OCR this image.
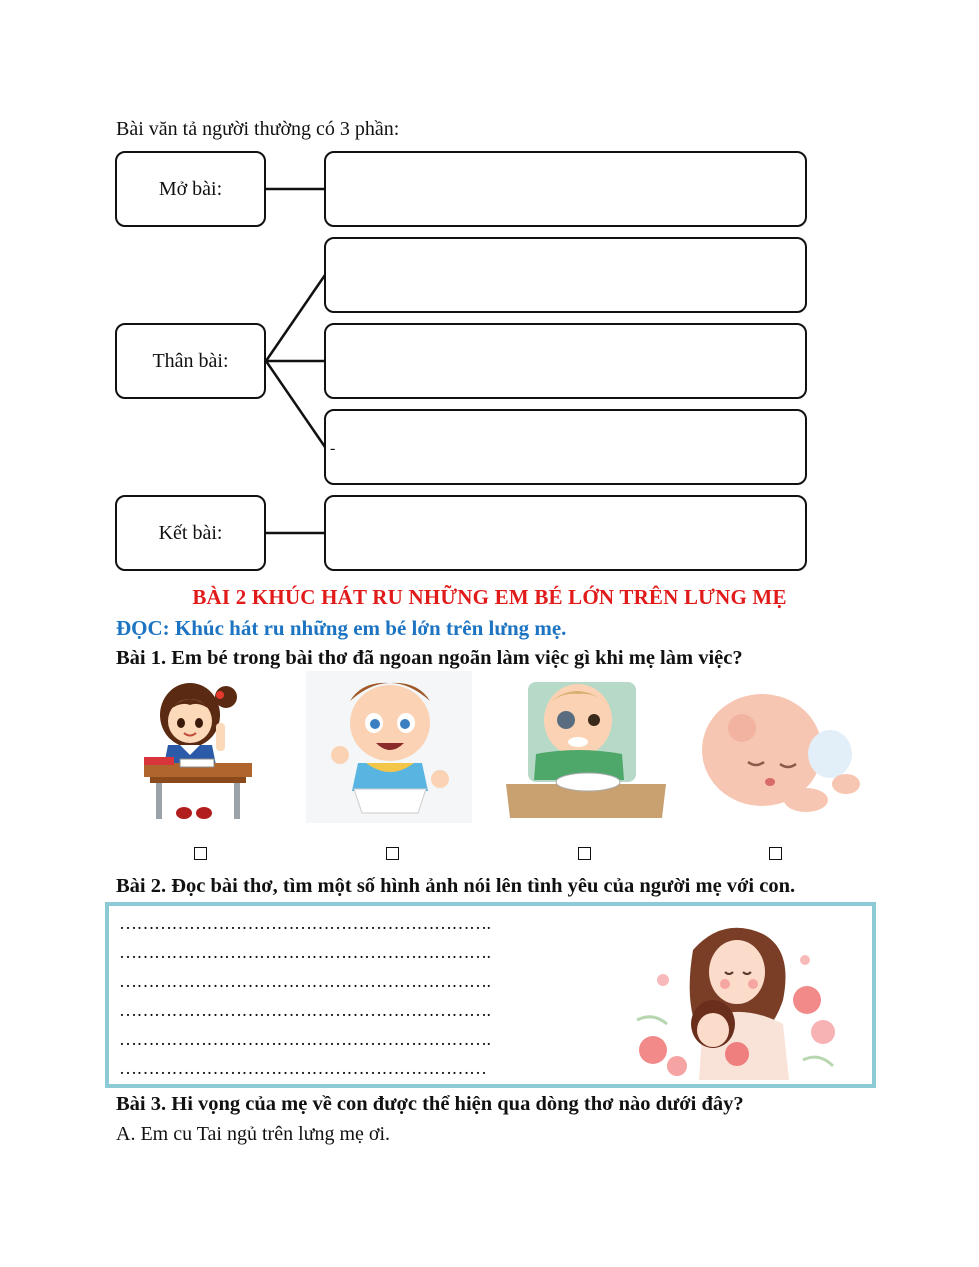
Bài văn tả người thường có 3 phần:
Mở bài:
Thân bài:
-
Kết bài:
BÀI 2 KHÚC HÁT RU NHỮNG EM BÉ LỚN TRÊN LƯNG MẸ
ĐỌC: Khúc hát ru những em bé lớn trên lưng mẹ.
Bài 1. Em bé trong bài thơ đã ngoan ngoãn làm việc gì khi mẹ làm việc?
Bài 2. Đọc bài thơ, tìm một số hình ảnh nói lên tình yêu của người mẹ với con.
……………………………………………………….
……………………………………………………….
……………………………………………………….
……………………………………………………….
……………………………………………………….
………………………………………………………
Bài 3. Hi vọng của mẹ về con được thể hiện qua dòng thơ nào dưới đây?
A. Em cu Tai ngủ trên lưng mẹ ơi.
